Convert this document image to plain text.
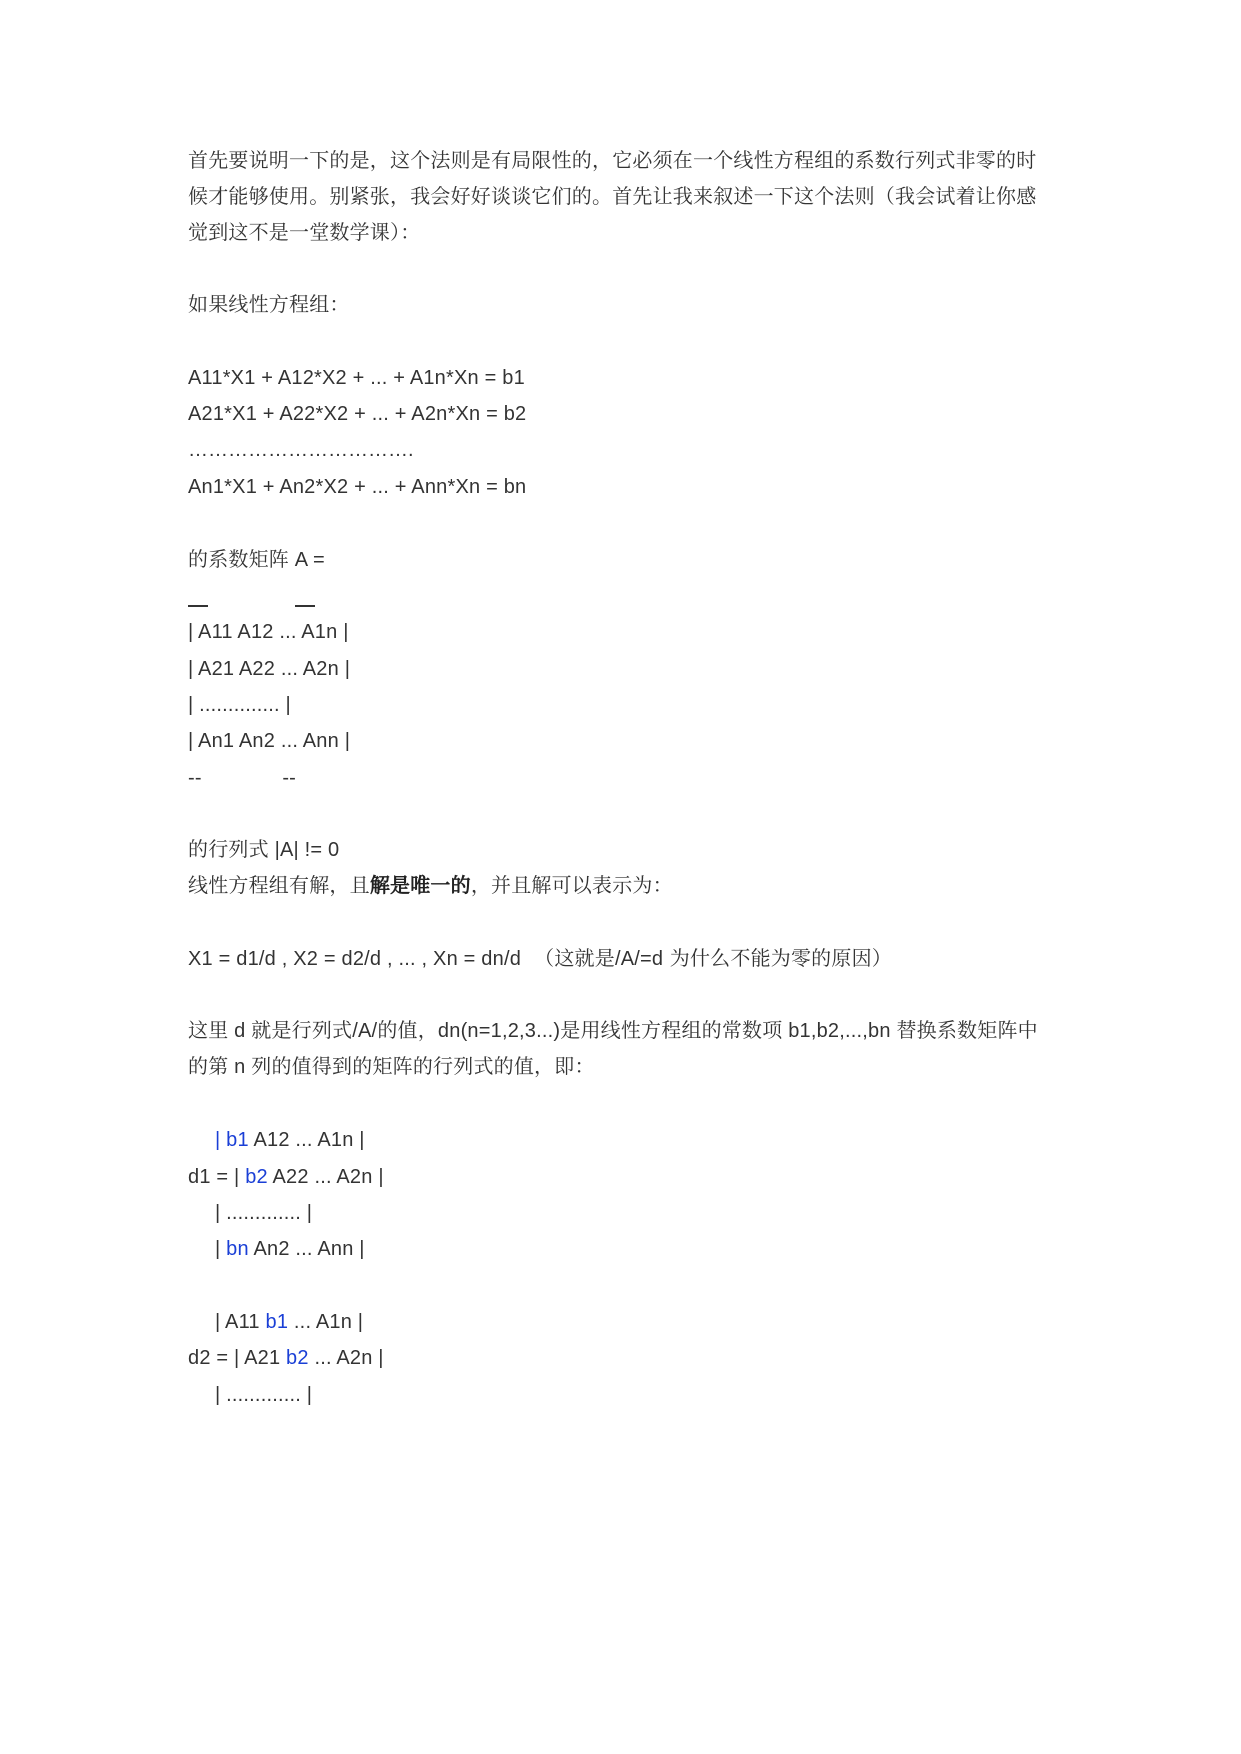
首先要说明一下的是，这个法则是有局限性的，它必须在一个线性方程组的系数行列式非零的时
候才能够使用。别紧张，我会好好谈谈它们的。首先让我来叙述一下这个法则（我会试着让你感
觉到这不是一堂数学课）：
如果线性方程组：
A11*X1 + A12*X2 + ... + A1n*Xn = b1
A21*X1 + A22*X2 + ... + A2n*Xn = b2
…………………………….
An1*X1 + An2*X2 + ... + Ann*Xn = bn
的系数矩阵 A =
| A11 A12 ... A1n |
| A21 A22 ... A2n |
| .............. |
| An1 An2 ... Ann |
--              --
的行列式 |A| != 0
线性方程组有解，且解是唯一的，并且解可以表示为：
X1 = d1/d , X2 = d2/d , ... , Xn = dn/d  （这就是/A/=d 为什么不能为零的原因）
这里 d 就是行列式/A/的值，dn(n=1,2,3...)是用线性方程组的常数项 b1,b2,...,bn 替换系数矩阵中
的第 n 列的值得到的矩阵的行列式的值，即：
| b1 A12 ... A1n |
d1 = | b2 A22 ... A2n |
| ............. |
| bn An2 ... Ann |
| A11 b1 ... A1n |
d2 = | A21 b2 ... A2n |
| ............. |
